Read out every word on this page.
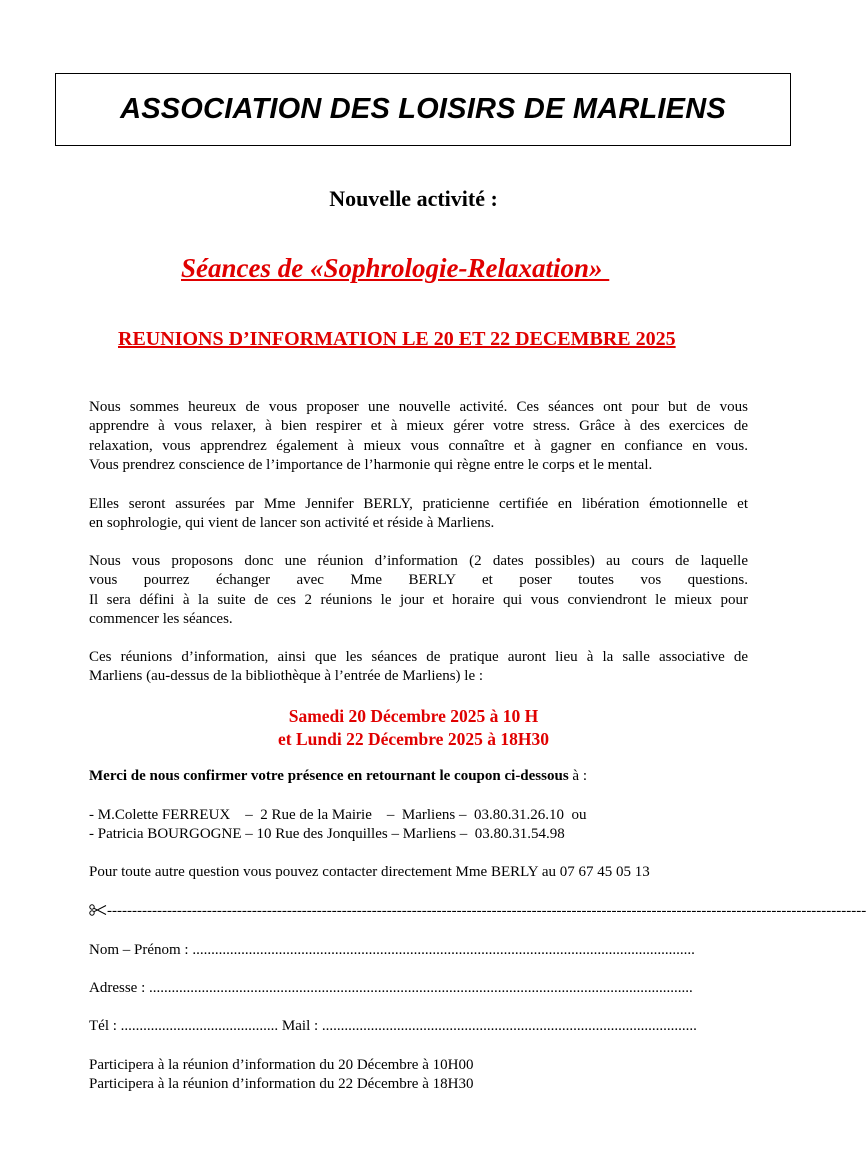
ASSOCIATION DES LOISIRS DE MARLIENS
Nouvelle activité :
Séances de «Sophrologie-Relaxation»
REUNIONS D’INFORMATION LE 20 ET 22 DECEMBRE 2025
Nous sommes heureux de vous proposer une nouvelle activité. Ces séances ont pour but de vous
apprendre à vous relaxer, à bien respirer et à mieux gérer votre stress. Grâce à des exercices de
relaxation, vous apprendrez également à mieux vous connaître et à gagner en confiance en vous.
Vous prendrez conscience de l’importance de l’harmonie qui règne entre le corps et le mental.
Elles seront assurées par Mme Jennifer BERLY, praticienne certifiée en libération émotionnelle et
en sophrologie, qui vient de lancer son activité et réside à Marliens.
Nous vous proposons donc une réunion d’information (2 dates possibles) au cours de laquelle
vous pourrez échanger avec Mme BERLY et poser toutes vos questions.
Il sera défini à la suite de ces 2 réunions le jour et horaire qui vous conviendront le mieux pour
commencer les séances.
Ces réunions d’information, ainsi que les séances de pratique auront lieu à la salle associative de
Marliens (au-dessus de la bibliothèque à l’entrée de Marliens) le :
Samedi 20 Décembre 2025 à 10 H
et Lundi 22 Décembre 2025 à 18H30
Merci de nous confirmer votre présence en retournant le coupon ci-dessous à :
- M.Colette FERREUX    –  2 Rue de la Mairie    –  Marliens –  03.80.31.26.10  ou
- Patricia BOURGOGNE – 10 Rue des Jonquilles – Marliens –  03.80.31.54.98
Pour toute autre question vous pouvez contacter directement Mme BERLY au 07 67 45 05 13
--------------------------------------------------------------------------------------------------------------------------------------------------------
Nom – Prénom : ......................................................................................................................................
Adresse : .................................................................................................................................................
Tél : .......................................... Mail : ....................................................................................................
Participera à la réunion d’information du 20 Décembre à 10H00
Participera à la réunion d’information du 22 Décembre à 18H30
